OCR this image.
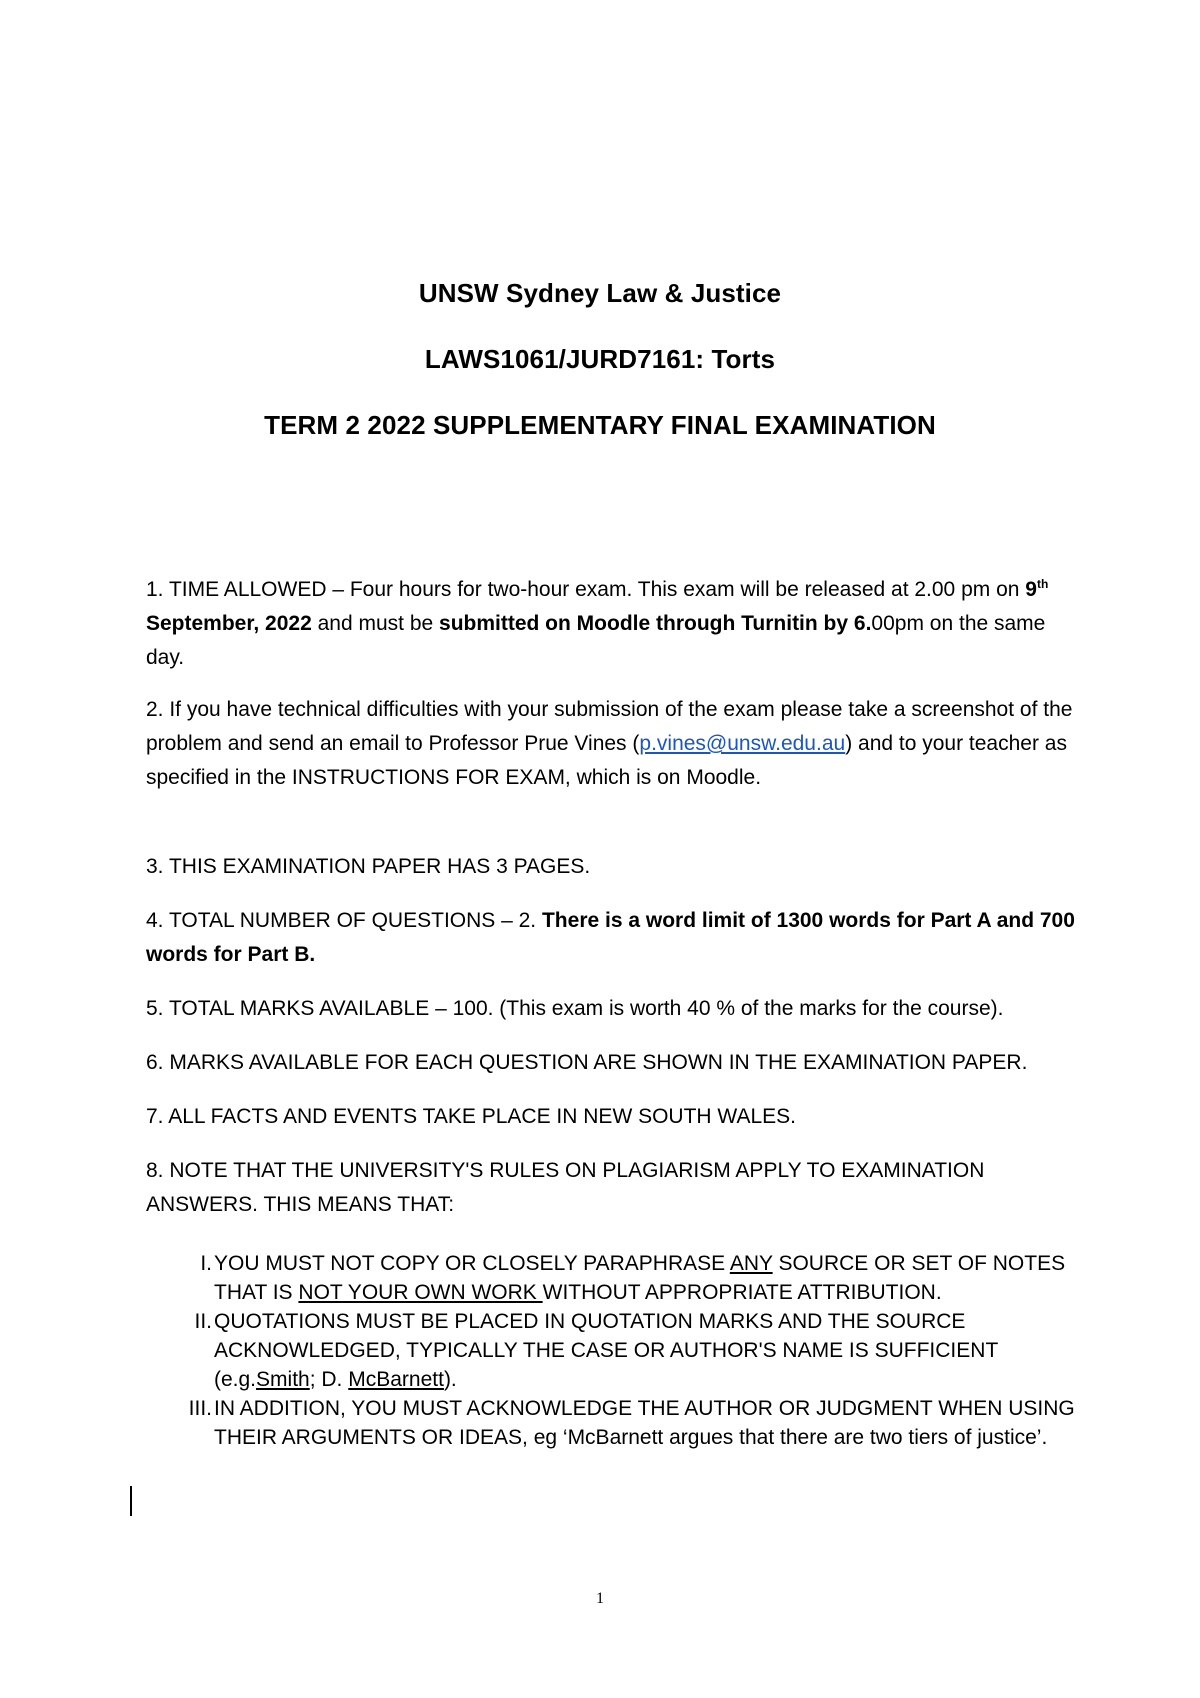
UNSW Sydney Law & Justice
LAWS1061/JURD7161: Torts
TERM 2 2022 SUPPLEMENTARY FINAL EXAMINATION

1. TIME ALLOWED – Four hours for two-hour exam. This exam will be released at 2.00 pm on 9th September, 2022 and must be submitted on Moodle through Turnitin by 6.00pm on the same day.

2. If you have technical difficulties with your submission of the exam please take a screenshot of the problem and send an email to Professor Prue Vines (p.vines@unsw.edu.au) and to your teacher as specified in the INSTRUCTIONS FOR EXAM, which is on Moodle.

3. THIS EXAMINATION PAPER HAS 3 PAGES.

4. TOTAL NUMBER OF QUESTIONS – 2. There is a word limit of 1300 words for Part A and 700 words for Part B.

5. TOTAL MARKS AVAILABLE – 100. (This exam is worth 40 % of the marks for the course).

6. MARKS AVAILABLE FOR EACH QUESTION ARE SHOWN IN THE EXAMINATION PAPER.

7. ALL FACTS AND EVENTS TAKE PLACE IN NEW SOUTH WALES.

8. NOTE THAT THE UNIVERSITY'S RULES ON PLAGIARISM APPLY TO EXAMINATION ANSWERS. THIS MEANS THAT:

I. YOU MUST NOT COPY OR CLOSELY PARAPHRASE ANY SOURCE OR SET OF NOTES THAT IS NOT YOUR OWN WORK WITHOUT APPROPRIATE ATTRIBUTION.

II. QUOTATIONS MUST BE PLACED IN QUOTATION MARKS AND THE SOURCE ACKNOWLEDGED, TYPICALLY THE CASE OR AUTHOR'S NAME IS SUFFICIENT (e.g.Smith; D. McBarnett).

III. IN ADDITION, YOU MUST ACKNOWLEDGE THE AUTHOR OR JUDGMENT WHEN USING THEIR ARGUMENTS OR IDEAS, eg ‘McBarnett argues that there are two tiers of justice’.

1
